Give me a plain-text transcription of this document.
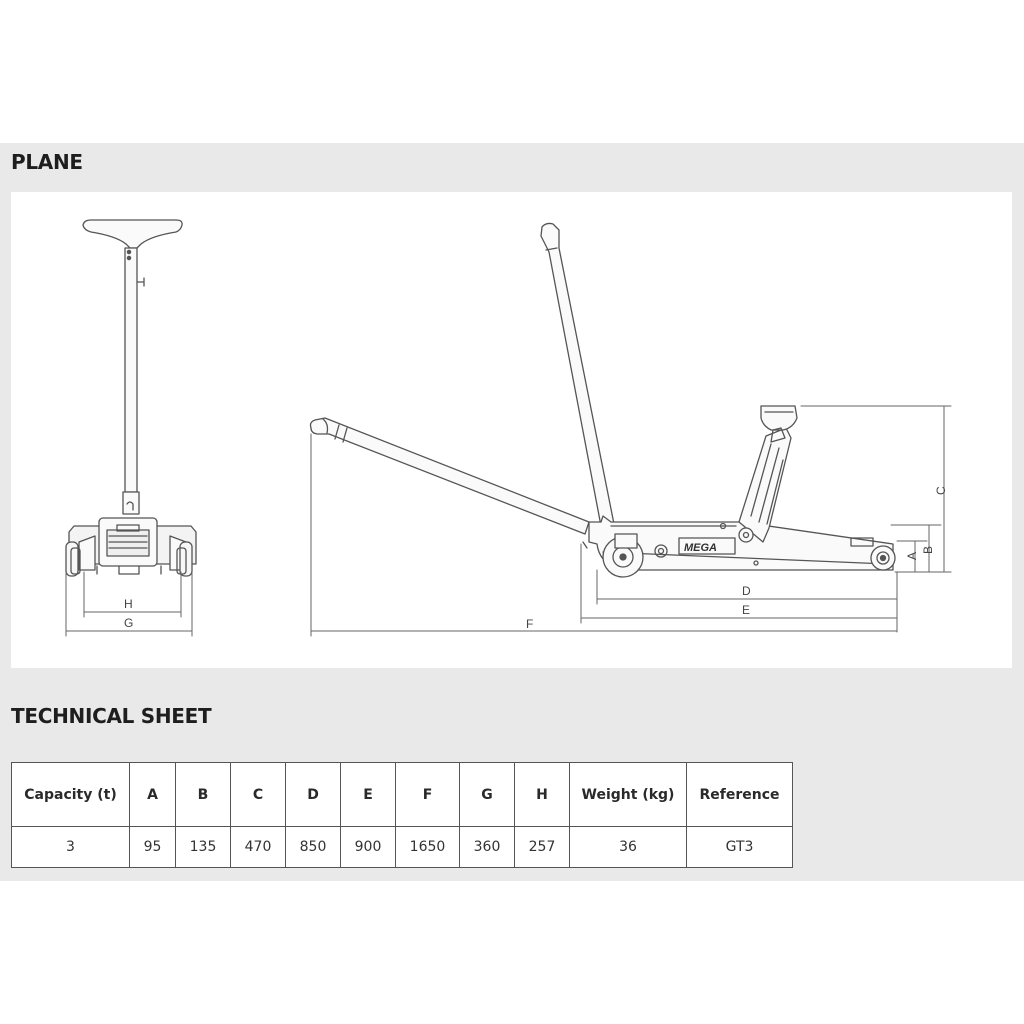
PLANE
MEGA
H
G
D
E
F
C
B
A
TECHNICAL SHEET
Capacity (t)	A	B	C	D	E	F	G	H	Weight (kg)	Reference
3	95	135	470	850	900	1650	360	257	36	GT3
